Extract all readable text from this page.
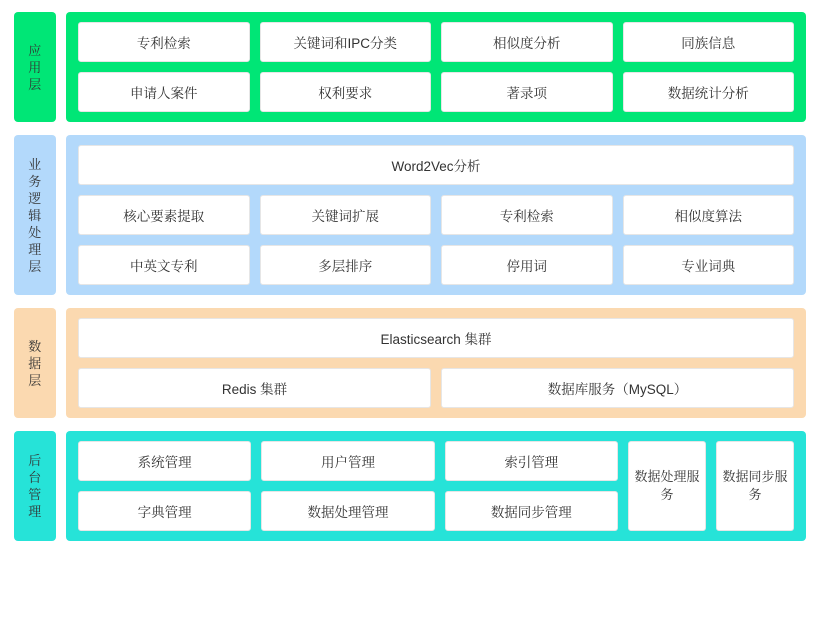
应用层
专利检索	关键词和IPC分类	相似度分析	同族信息
申请人案件	权利要求	著录项	数据统计分析
业务逻辑处理层
Word2Vec分析
核心要素提取	关键词扩展	专利检索	相似度算法
中英文专利	多层排序	停用词	专业词典
数据层
Elasticsearch 集群
Redis 集群	数据库服务（MySQL）
后台管理
系统管理	用户管理	索引管理
字典管理	数据处理管理	数据同步管理
数据处理服务
数据同步服务
